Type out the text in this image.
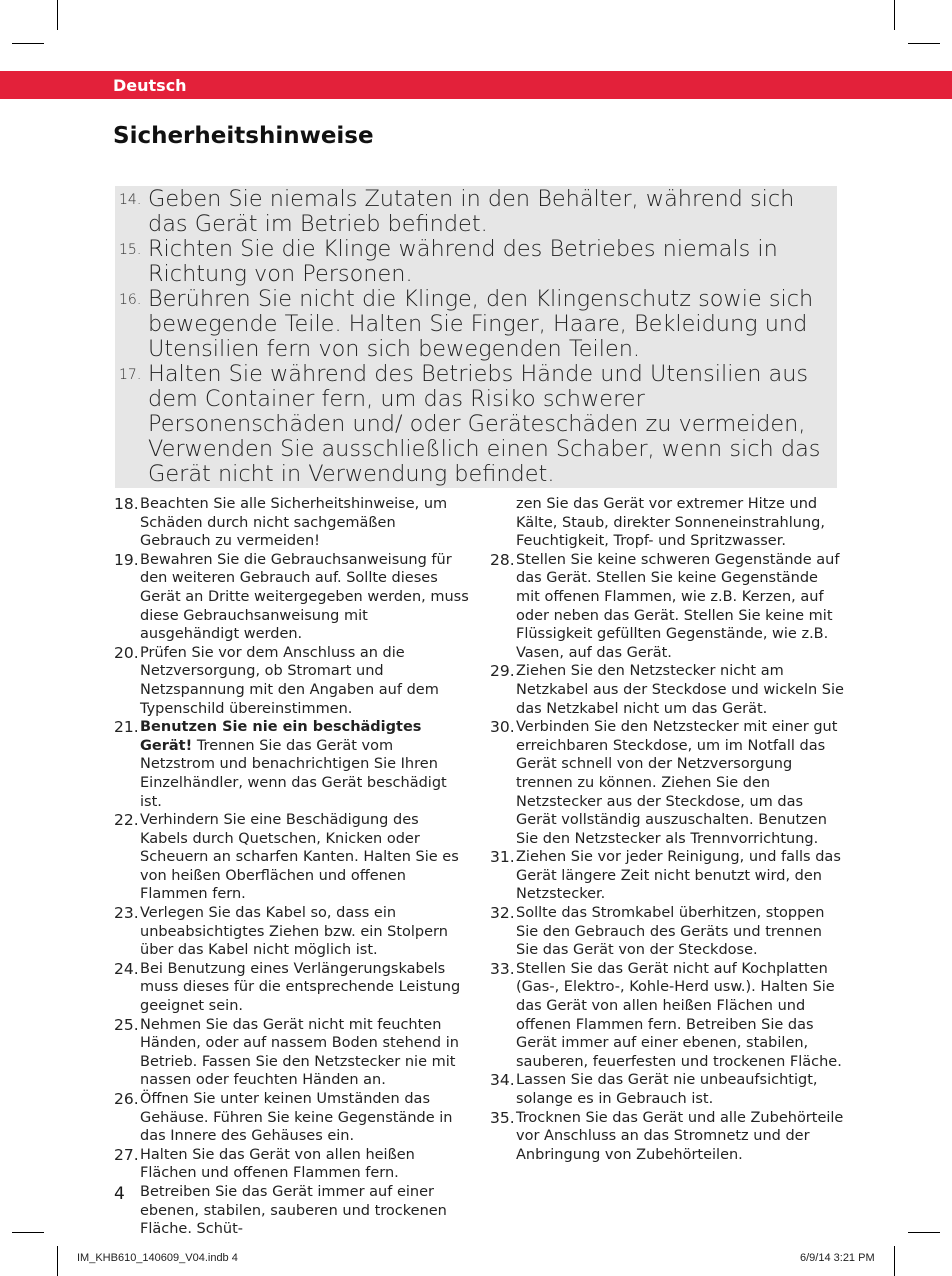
Deutsch
Sicherheitshinweise
14. Geben Sie niemals Zutaten in den Behälter, während sich das Gerät im Betrieb befindet.
15. Richten Sie die Klinge während des Betriebes niemals in Richtung von Personen.
16. Berühren Sie nicht die Klinge, den Klingenschutz sowie sich bewegende Teile. Halten Sie Finger, Haare, Bekleidung und Utensilien fern von sich bewegenden Teilen.
17. Halten Sie während des Betriebs Hände und Utensilien aus dem Container fern, um das Risiko schwerer Personenschäden und/ oder Geräteschäden zu vermeiden, Verwenden Sie ausschließlich einen Schaber, wenn sich das Gerät nicht in Verwendung befindet.
18. Beachten Sie alle Sicherheitshinweise, um Schäden durch nicht sachgemäßen Gebrauch zu vermeiden!
19. Bewahren Sie die Gebrauchsanweisung für den weiteren Gebrauch auf. Sollte dieses Gerät an Dritte weitergegeben werden, muss diese Gebrauchsanweisung mit ausgehändigt werden.
20. Prüfen Sie vor dem Anschluss an die Netzversorgung, ob Stromart und Netzspannung mit den Angaben auf dem Typenschild übereinstimmen.
21. Benutzen Sie nie ein beschädigtes Gerät! Trennen Sie das Gerät vom Netzstrom und benachrichtigen Sie Ihren Einzelhändler, wenn das Gerät beschädigt ist.
22. Verhindern Sie eine Beschädigung des Kabels durch Quetschen, Knicken oder Scheuern an scharfen Kanten. Halten Sie es von heißen Oberflächen und offenen Flammen fern.
23. Verlegen Sie das Kabel so, dass ein unbeabsichtigtes Ziehen bzw. ein Stolpern über das Kabel nicht möglich ist.
24. Bei Benutzung eines Verlängerungskabels muss dieses für die entsprechende Leistung geeignet sein.
25. Nehmen Sie das Gerät nicht mit feuchten Händen, oder auf nassem Boden stehend in Betrieb. Fassen Sie den Netzstecker nie mit nassen oder feuchten Händen an.
26. Öffnen Sie unter keinen Umständen das Gehäuse. Führen Sie keine Gegenstände in das Innere des Gehäuses ein.
27. Halten Sie das Gerät von allen heißen Flächen und offenen Flammen fern. Betreiben Sie das Gerät immer auf einer ebenen, stabilen, sauberen und trockenen Fläche. Schüt-
zen Sie das Gerät vor extremer Hitze und Kälte, Staub, direkter Sonneneinstrahlung, Feuchtigkeit, Tropf- und Spritzwasser.
28. Stellen Sie keine schweren Gegenstände auf das Gerät. Stellen Sie keine Gegenstände mit offenen Flammen, wie z.B. Kerzen, auf oder neben das Gerät. Stellen Sie keine mit Flüssigkeit gefüllten Gegenstände, wie z.B. Vasen, auf das Gerät.
29. Ziehen Sie den Netzstecker nicht am Netzkabel aus der Steckdose und wickeln Sie das Netzkabel nicht um das Gerät.
30. Verbinden Sie den Netzstecker mit einer gut erreichbaren Steckdose, um im Notfall das Gerät schnell von der Netzversorgung trennen zu können. Ziehen Sie den Netzstecker aus der Steckdose, um das Gerät vollständig auszuschalten. Benutzen Sie den Netzstecker als Trennvorrichtung.
31. Ziehen Sie vor jeder Reinigung, und falls das Gerät längere Zeit nicht benutzt wird, den Netzstecker.
32. Sollte das Stromkabel überhitzen, stoppen Sie den Gebrauch des Geräts und trennen Sie das Gerät von der Steckdose.
33. Stellen Sie das Gerät nicht auf Kochplatten (Gas-, Elektro-, Kohle-Herd usw.). Halten Sie das Gerät von allen heißen Flächen und offenen Flammen fern. Betreiben Sie das Gerät immer auf einer ebenen, stabilen, sauberen, feuerfesten und trockenen Fläche.
34. Lassen Sie das Gerät nie unbeaufsichtigt, solange es in Gebrauch ist.
35. Trocknen Sie das Gerät und alle Zubehörteile vor Anschluss an das Stromnetz und der Anbringung von Zubehörteilen.
4
IM_KHB610_140609_V04.indb 4	6/9/14 3:21 PM
